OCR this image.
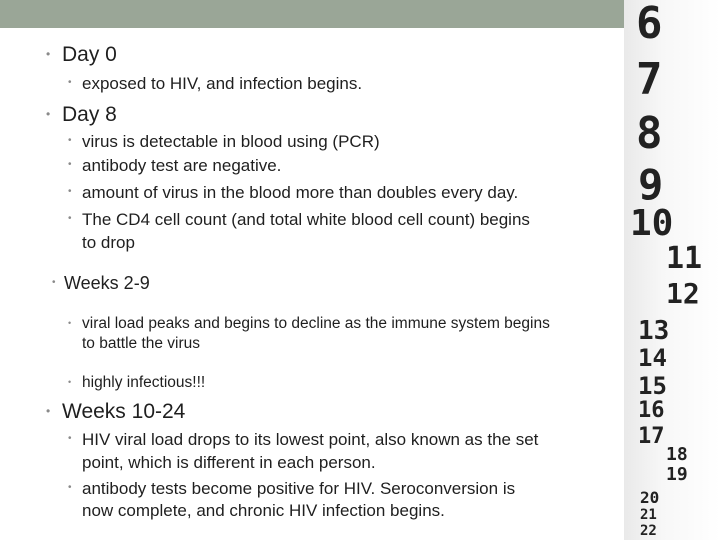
6
7
8
9
10
11
12
13
14
15
16
17
18
19
20
21
22
• Day 0
• exposed to HIV, and infection begins.
• Day 8
• virus is detectable in blood using (PCR)
• antibody test are negative.
• amount of virus in the blood more than doubles every day.
• The CD4 cell count (and total white blood cell count) begins
to drop
• Weeks 2-9
• viral load peaks and begins to decline as the immune system begins
to battle the virus
• highly infectious!!!
• Weeks 10-24
• HIV viral load drops to its lowest point, also known as the set
point, which is different in each person.
• antibody tests become positive for HIV. Seroconversion is
now complete, and chronic HIV infection begins.
